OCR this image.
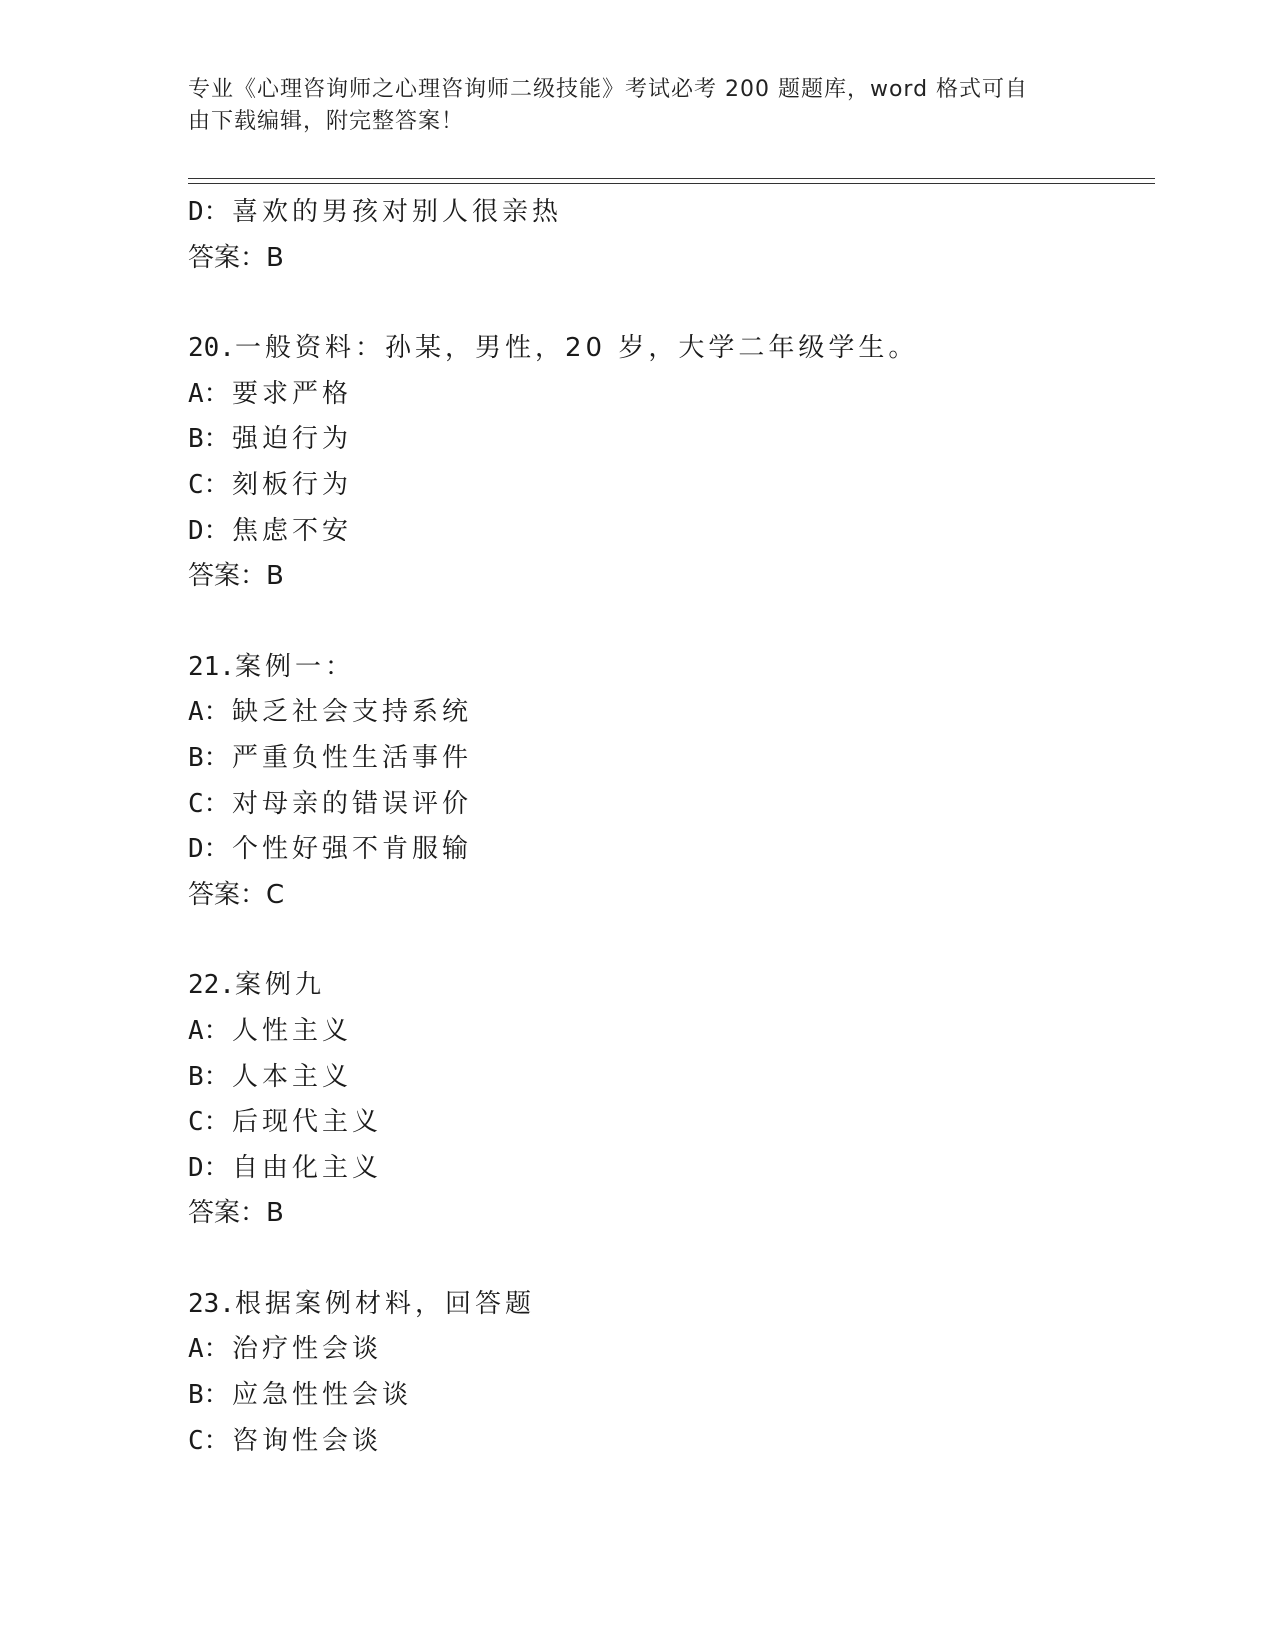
专业《心理咨询师之心理咨询师二级技能》考试必考 200 题题库，word 格式可自
由下载编辑，附完整答案！
D：喜欢的男孩对别人很亲热
答案：B
20.一般资料：孙某，男性，20 岁，大学二年级学生。
A：要求严格
B：强迫行为
C：刻板行为
D：焦虑不安
答案：B
21.案例一：
A：缺乏社会支持系统
B：严重负性生活事件
C：对母亲的错误评价
D：个性好强不肯服输
答案：C
22.案例九
A：人性主义
B：人本主义
C：后现代主义
D：自由化主义
答案：B
23.根据案例材料，回答题
A：治疗性会谈
B：应急性性会谈
C：咨询性会谈
